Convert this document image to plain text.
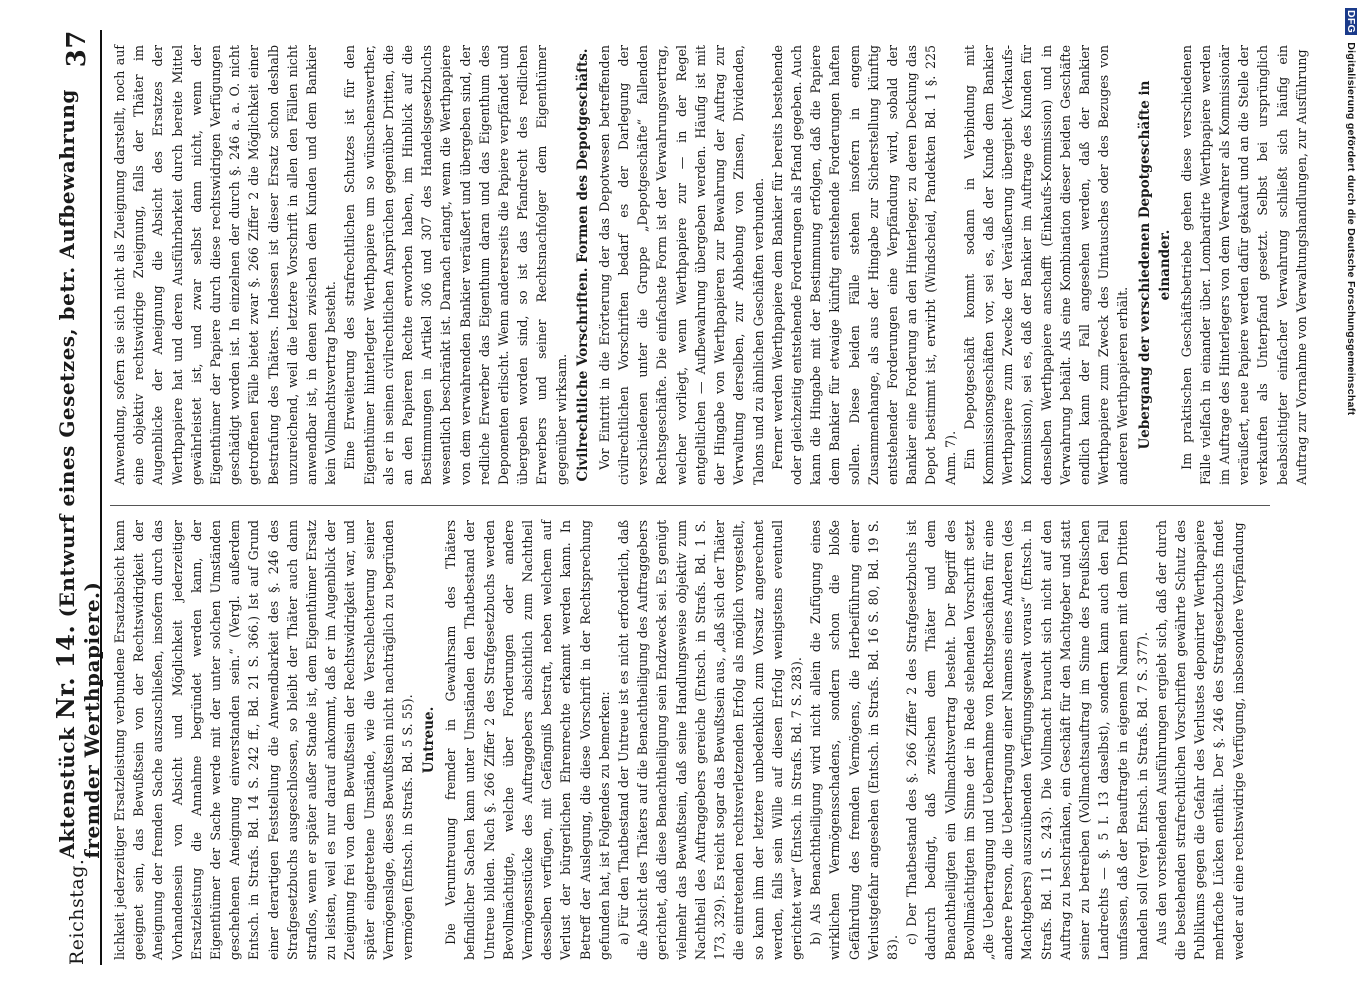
Reichstag.
Aktenstück Nr. 14. (Entwurf eines Gesetzes, betr. Aufbewahrung fremder Werthpapiere.)
37

lichkeit jederzeitiger Ersatzleistung verbundene Ersatzabsicht kann geeignet sein, das Bewußtsein von der Rechtswidrigkeit der Aneignung der fremden Sache auszuschließen, insofern durch das Vorhandensein von Absicht und Möglichkeit jederzeitiger Ersatzleistung die Annahme begründet werden kann, der Eigenthümer der Sache werde mit der unter solchen Umständen geschehenen Aneignung einverstanden sein.“ (Vergl. außerdem Entsch. in Strafs. Bd. 14 S. 242 ff., Bd. 21 S. 366.) Ist auf Grund einer derartigen Feststellung die Anwendbarkeit des §. 246 des Strafgesetzbuchs ausgeschlossen, so bleibt der Thäter auch dann straflos, wenn er später außer Stande ist, dem Eigenthümer Ersatz zu leisten, weil es nur darauf ankommt, daß er im Augenblick der Zueignung frei von dem Bewußtsein der Rechtswidrigkeit war, und später eingetretene Umstände, wie die Verschlechterung seiner Vermögenslage, dieses Bewußtsein nicht nachträglich zu begründen vermögen (Entsch. in Strafs. Bd. 5 S. 55). Untreue. Die Veruntreuung fremder in Gewahrsam des Thäters befindlicher Sachen kann unter Umständen den Thatbestand der Untreue bilden. Nach §. 266 Ziffer 2 des Strafgesetzbuchs werden Bevollmächtigte, welche über Forderungen oder andere Vermögensstücke des Auftraggebers absichtlich zum Nachtheil desselben verfügen, mit Gefängniß bestraft, neben welchem auf Verlust der bürgerlichen Ehrenrechte erkannt werden kann. In Betreff der Auslegung, die diese Vorschrift in der Rechtsprechung gefunden hat, ist Folgendes zu bemerken: a) Für den Thatbestand der Untreue ist es nicht erforderlich, daß die Absicht des Thäters auf die Benachtheiligung des Auftraggebers gerichtet, daß diese Benachtheiligung sein Endzweck sei. Es genügt vielmehr das Bewußtsein, daß seine Handlungsweise objektiv zum Nachtheil des Auftraggebers gereiche (Entsch. in Strafs. Bd. 1 S. 173, 329). Es reicht sogar das Bewußtsein aus, „daß sich der Thäter die eintretenden rechtsverletzenden Erfolg als möglich vorgestellt, so kann ihm der letztere unbedenklich zum Vorsatz angerechnet werden, falls sein Wille auf diesen Erfolg wenigstens eventuell gerichtet war“ (Entsch. in Strafs. Bd. 7 S. 283). b) Als Benachtheiligung wird nicht allein die Zufügung eines wirklichen Vermögensschadens, sondern schon die bloße Gefährdung des fremden Vermögens, die Herbeiführung einer Verlustgefahr angesehen (Entsch. in Strafs. Bd. 16 S. 80, Bd. 19 S. 83).

c) Der Thatbestand des §. 266 Ziffer 2 des Strafgesetzbuchs ist dadurch bedingt, daß zwischen dem Thäter und dem Benachtheiligten ein Vollmachtsvertrag besteht. Der Begriff des Bevollmächtigten im Sinne der in Rede stehenden Vorschrift setzt „die Uebertragung und Uebernahme von Rechtsgeschäften für eine andere Person, die Uebertragung einer Namens eines Anderen (des Machtgebers) auszuübenden Verfügungsgewalt voraus“ (Entsch. in Strafs. Bd. 11 S. 243). Die Vollmacht braucht sich nicht auf den Auftrag zu beschränken, ein Geschäft für den Machtgeber und statt seiner zu betreiben (Vollmachtsauftrag im Sinne des Preußischen Landrechts — §. 5 I. 13 daselbst), sondern kann auch den Fall umfassen, daß der Beauftragte in eigenem Namen mit dem Dritten handeln soll (vergl. Entsch. in Strafs. Bd. 7 S. 377). Aus den vorstehenden Ausführungen ergiebt sich, daß der durch die bestehenden strafrechtlichen Vorschriften gewährte Schutz des Publikums gegen die Gefahr des Verlustes deponirter Werthpapiere mehrfache Lücken enthält. Der §. 246 des Strafgesetzbuchs findet weder auf eine rechtswidrige Verfügung, insbesondere Verpfändung

Anwendung, sofern sie sich nicht als Zueignung darstellt, noch auf eine objektiv rechtswidrige Zueignung, falls der Thäter im Augenblicke der Aneignung die Absicht des Ersatzes der Werthpapiere hat und deren Ausführbarkeit durch bereite Mittel gewährleistet ist, und zwar selbst dann nicht, wenn der Eigenthümer der Papiere durch diese rechtswidrigen Verfügungen geschädigt worden ist. In einzelnen der durch §. 246 a. a. O. nicht getroffenen Fälle bietet zwar §. 266 Ziffer 2 die Möglichkeit einer Bestrafung des Thäters. Indessen ist dieser Ersatz schon deshalb unzureichend, weil die letztere Vorschrift in allen den Fällen nicht anwendbar ist, in denen zwischen dem Kunden und dem Bankier kein Vollmachtsvertrag besteht. Eine Erweiterung des strafrechtlichen Schutzes ist für den Eigenthümer hinterlegter Werthpapiere um so wünschenswerther, als er in seinen civilrechtlichen Ansprüchen gegenüber Dritten, die an den Papieren Rechte erworben haben, im Hinblick auf die Bestimmungen in Artikel 306 und 307 des Handelsgesetzbuchs wesentlich beschränkt ist. Darnach erlangt, wenn die Werthpapiere von dem verwahrenden Bankier veräußert und übergeben sind, der redliche Erwerber das Eigenthum daran und das Eigenthum des Deponenten erlischt. Wenn andererseits die Papiere verpfändet und übergeben worden sind, so ist das Pfandrecht des redlichen Erwerbers und seiner Rechtsnachfolger dem Eigenthümer gegenüber wirksam. Civilrechtliche Vorschriften. Formen des Depotgeschäfts. Vor Eintritt in die Erörterung der das Depotwesen betreffenden civilrechtlichen Vorschriften bedarf es der Darlegung der verschiedenen unter die Gruppe „Depotgeschäfte“ fallenden Rechtsgeschäfte. Die einfachste Form ist der Verwahrungsvertrag, welcher vorliegt, wenn Werthpapiere zur — in der Regel entgeltlichen — Aufbewahrung übergeben werden. Häufig ist mit der Hingabe von Werthpapieren zur Bewahrung der Auftrag zur Verwaltung derselben, zur Abhebung von Zinsen, Dividenden, Talons und zu ähnlichen Geschäften verbunden. Ferner werden Werthpapiere dem Bankier für bereits bestehende oder gleichzeitig entstehende Forderungen als Pfand gegeben. Auch kann die Hingabe mit der Bestimmung erfolgen, daß die Papiere dem Bankier für etwaige künftig entstehende Forderungen haften sollen. Diese beiden Fälle stehen insofern in engem Zusammenhange, als aus der Hingabe zur Sicherstellung künftig entstehender Forderungen eine Verpfändung wird, sobald der Bankier eine Forderung an den Hinterleger, zu deren Deckung das Depot bestimmt ist, erwirbt (Windscheid, Pandekten Bd. 1 §. 225 Anm. 7). Ein Depotgeschäft kommt sodann in Verbindung mit Kommissionsgeschäften vor, sei es, daß der Kunde dem Bankier Werthpapiere zum Zwecke der Veräußerung übergiebt (Verkaufs-Kommission), sei es, daß der Bankier im Auftrage des Kunden für denselben Werthpapiere anschafft (Einkaufs-Kommission) und in Verwahrung behält. Als eine Kombination dieser beiden Geschäfte endlich kann der Fall angesehen werden, daß der Bankier Werthpapiere zum Zweck des Umtausches oder des Bezuges von anderen Werthpapieren erhält. Uebergang der verschiedenen Depotgeschäfte in einander. Im praktischen Geschäftsbetriebe gehen diese verschiedenen Fälle vielfach in einander über. Lombardirte Werthpapiere werden im Auftrage des Hinterlegers von dem Verwahrer als Kommissionär veräußert, neue Papiere werden dafür gekauft und an die Stelle der verkauften als Unterpfand gesetzt. Selbst bei ursprünglich beabsichtigter einfacher Verwahrung schließt sich häufig ein Auftrag zur Vornahme von Verwaltungshandlungen, zur Ausführung

DFG Digitalisierung gefördert durch die Deutsche Forschungsgemeinschaft
